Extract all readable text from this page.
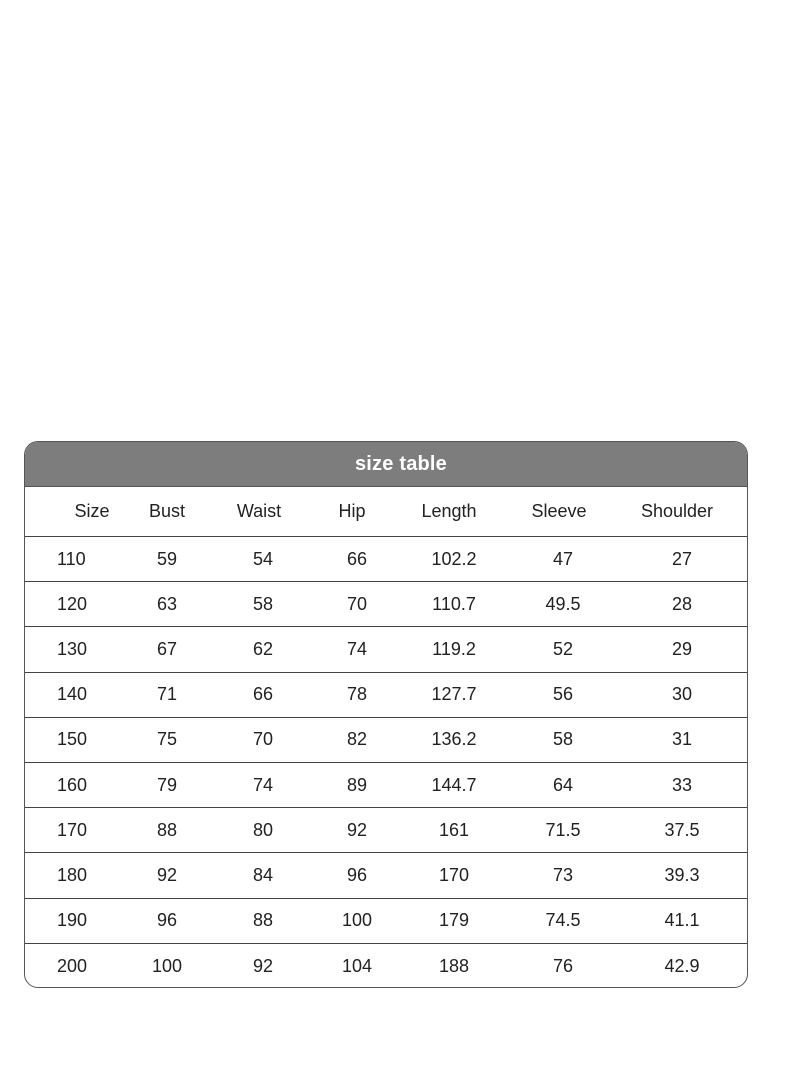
size table
Size	Bust	Waist	Hip	Length	Sleeve	Shoulder
110	59	54	66	102.2	47	27
120	63	58	70	110.7	49.5	28
130	67	62	74	119.2	52	29
140	71	66	78	127.7	56	30
150	75	70	82	136.2	58	31
160	79	74	89	144.7	64	33
170	88	80	92	161	71.5	37.5
180	92	84	96	170	73	39.3
190	96	88	100	179	74.5	41.1
200	100	92	104	188	76	42.9
